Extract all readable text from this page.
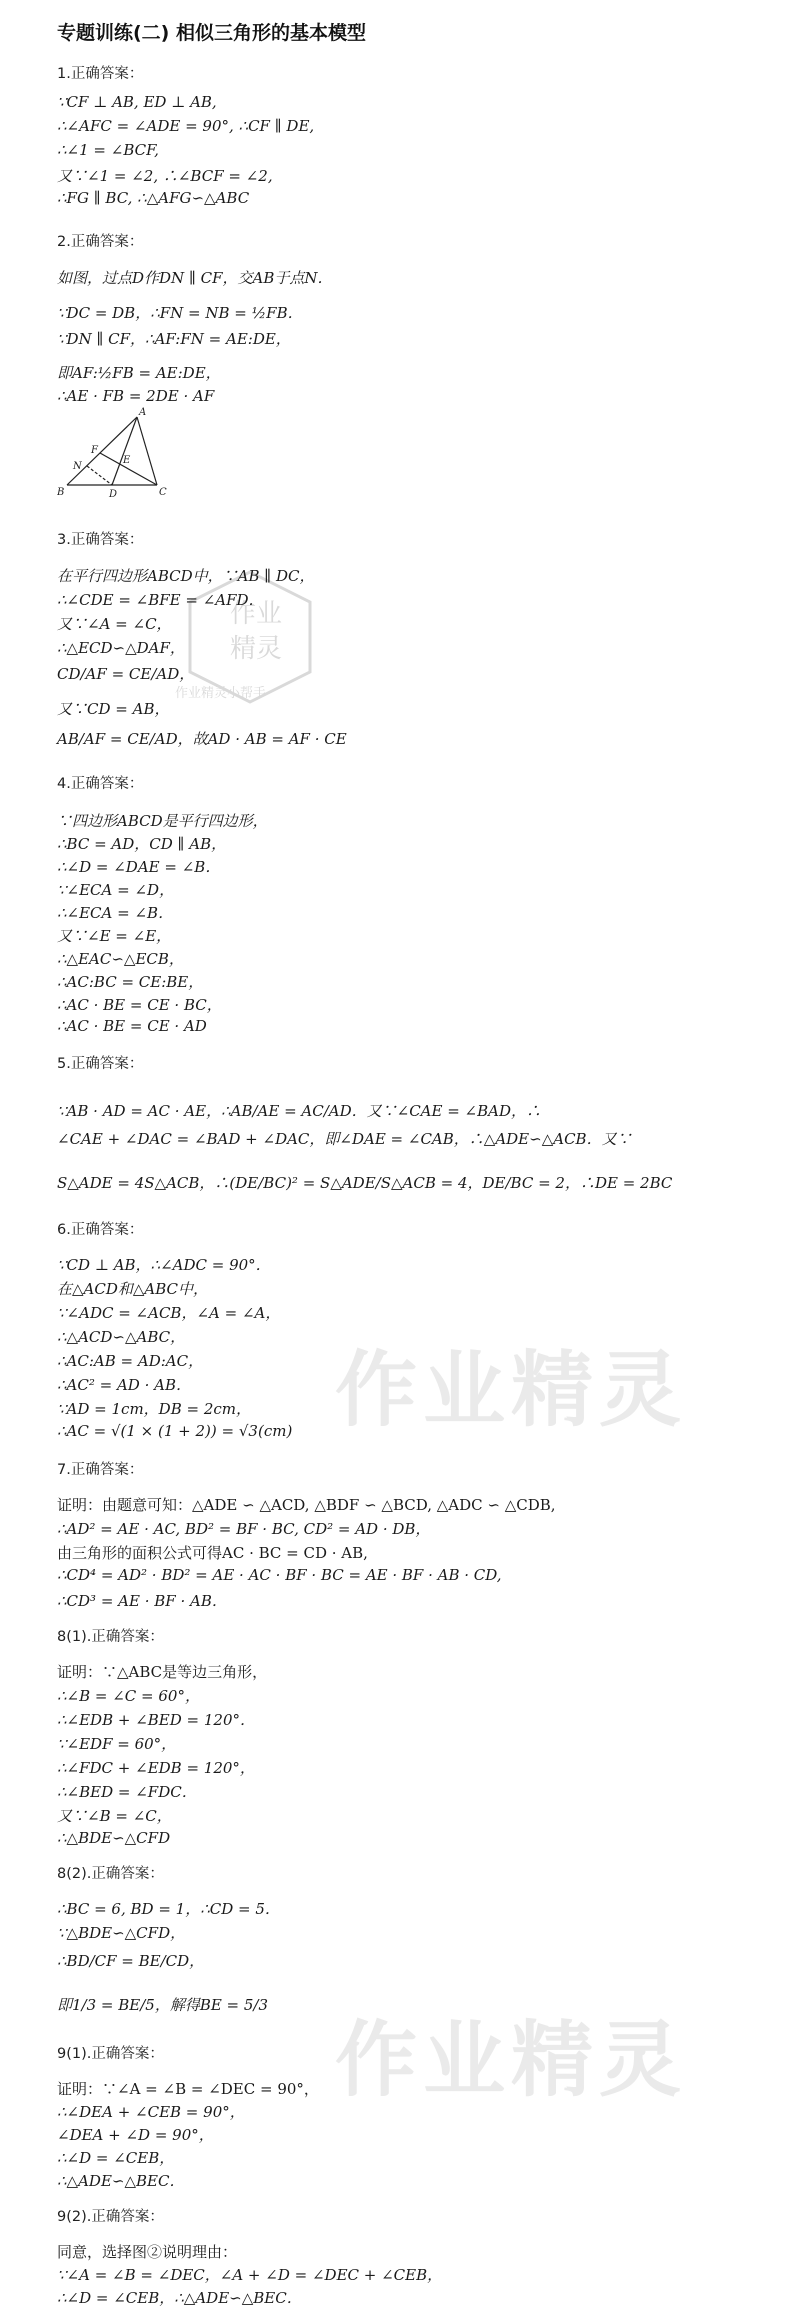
专题训练(二) 相似三角形的基本模型
作业精灵
作业精灵
作业
精灵
作业精灵小帮手
A
F
E
N
B	D	C
1.正确答案：
∵CF ⊥ AB, ED ⊥ AB,
∴∠AFC = ∠ADE = 90°, ∴CF ∥ DE,
∴∠1 = ∠BCF,
又∵∠1 = ∠2, ∴∠BCF = ∠2,
∴FG ∥ BC, ∴△AFG∽△ABC
2.正确答案：
如图，过点D作DN ∥ CF，交AB于点N．
∵DC = DB，∴FN = NB = ½FB．
∵DN ∥ CF，∴AF:FN = AE:DE，
即AF:½FB = AE:DE，
∴AE · FB = 2DE · AF
3.正确答案：
在平行四边形ABCD中，∵AB ∥ DC，
∴∠CDE = ∠BFE = ∠AFD．
又∵∠A = ∠C，
∴△ECD∽△DAF，
CD/AF = CE/AD，
又∵CD = AB，
AB/AF = CE/AD，故AD · AB = AF · CE
4.正确答案：
∵四边形ABCD是平行四边形，
∴BC = AD，CD ∥ AB，
∴∠D = ∠DAE = ∠B．
∵∠ECA = ∠D，
∴∠ECA = ∠B．
又∵∠E = ∠E，
∴△EAC∽△ECB，
∴AC:BC = CE:BE，
∴AC · BE = CE · BC，
∴AC · BE = CE · AD
5.正确答案：
∵AB · AD = AC · AE，∴AB/AE = AC/AD．又∵∠CAE = ∠BAD，∴
∠CAE + ∠DAC = ∠BAD + ∠DAC，即∠DAE = ∠CAB，∴△ADE∽△ACB．又∵
S△ADE = 4S△ACB，∴(DE/BC)² = S△ADE/S△ACB = 4，DE/BC = 2，∴DE = 2BC
6.正确答案：
∵CD ⊥ AB，∴∠ADC = 90°．
在△ACD和△ABC中，
∵∠ADC = ∠ACB，∠A = ∠A，
∴△ACD∽△ABC，
∴AC:AB = AD:AC，
∴AC² = AD · AB．
∵AD = 1cm，DB = 2cm，
∴AC = √(1 × (1 + 2)) = √3(cm)
7.正确答案：
证明：由题意可知：△ADE ∽ △ACD, △BDF ∽ △BCD, △ADC ∽ △CDB,
∴AD² = AE · AC, BD² = BF · BC, CD² = AD · DB，
由三角形的面积公式可得AC · BC = CD · AB,
∴CD⁴ = AD² · BD² = AE · AC · BF · BC = AE · BF · AB · CD,
∴CD³ = AE · BF · AB．
8(1).正确答案：
证明：∵△ABC是等边三角形，
∴∠B = ∠C = 60°，
∴∠EDB + ∠BED = 120°．
∵∠EDF = 60°，
∴∠FDC + ∠EDB = 120°，
∴∠BED = ∠FDC．
又∵∠B = ∠C，
∴△BDE∽△CFD
8(2).正确答案：
∴BC = 6, BD = 1，∴CD = 5．
∵△BDE∽△CFD，
∴BD/CF = BE/CD，
即1/3 = BE/5，解得BE = 5/3
9(1).正确答案：
证明：∵∠A = ∠B = ∠DEC = 90°，
∴∠DEA + ∠CEB = 90°，
∠DEA + ∠D = 90°，
∴∠D = ∠CEB，
∴△ADE∽△BEC．
9(2).正确答案：
同意，选择图②说明理由：
∵∠A = ∠B = ∠DEC，∠A + ∠D = ∠DEC + ∠CEB，
∴∠D = ∠CEB，∴△ADE∽△BEC．
